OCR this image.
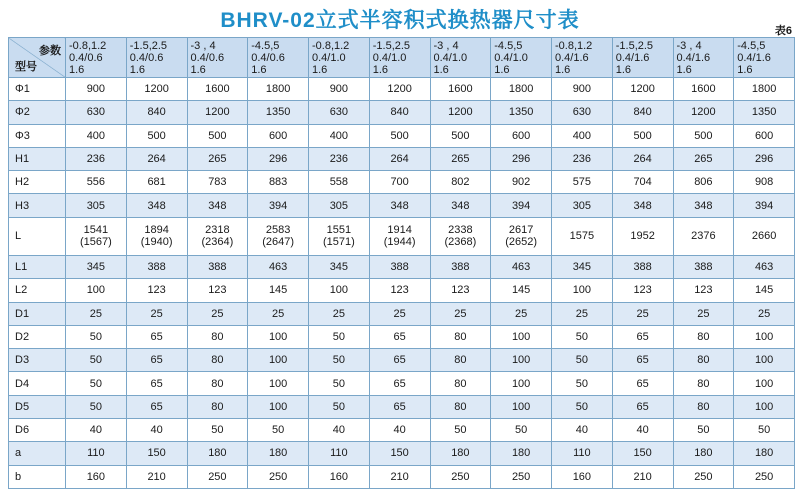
BHRV-02立式半容积式换热器尺寸表	表6
参数
型号	-0.8,1.2
0.4/0.6
1.6	-1.5,2.5
0.4/0.6
1.6	-3 , 4
0.4/0.6
1.6	-4.5,5
0.4/0.6
1.6	-0.8,1.2
0.4/1.0
1.6	-1.5,2.5
0.4/1.0
1.6	-3 , 4
0.4/1.0
1.6	-4.5,5
0.4/1.0
1.6	-0.8,1.2
0.4/1.6
1.6	-1.5,2.5
0.4/1.6
1.6	-3 , 4
0.4/1.6
1.6	-4.5,5
0.4/1.6
1.6

Φ1	900	1200	1600	1800	900	1200	1600	1800	900	1200	1600	1800
Φ2	630	840	1200	1350	630	840	1200	1350	630	840	1200	1350
Φ3	400	500	500	600	400	500	500	600	400	500	500	600
H1	236	264	265	296	236	264	265	296	236	264	265	296
H2	556	681	783	883	558	700	802	902	575	704	806	908
H3	305	348	348	394	305	348	348	394	305	348	348	394
L	1541
(1567)	1894
(1940)	2318
(2364)	2583
(2647)	1551
(1571)	1914
(1944)	2338
(2368)	2617
(2652)	1575	1952	2376	2660
L1	345	388	388	463	345	388	388	463	345	388	388	463
L2	100	123	123	145	100	123	123	145	100	123	123	145
D1	25	25	25	25	25	25	25	25	25	25	25	25
D2	50	65	80	100	50	65	80	100	50	65	80	100
D3	50	65	80	100	50	65	80	100	50	65	80	100
D4	50	65	80	100	50	65	80	100	50	65	80	100
D5	50	65	80	100	50	65	80	100	50	65	80	100
D6	40	40	50	50	40	40	50	50	40	40	50	50
a	110	150	180	180	110	150	180	180	110	150	180	180
b	160	210	250	250	160	210	250	250	160	210	250	250
